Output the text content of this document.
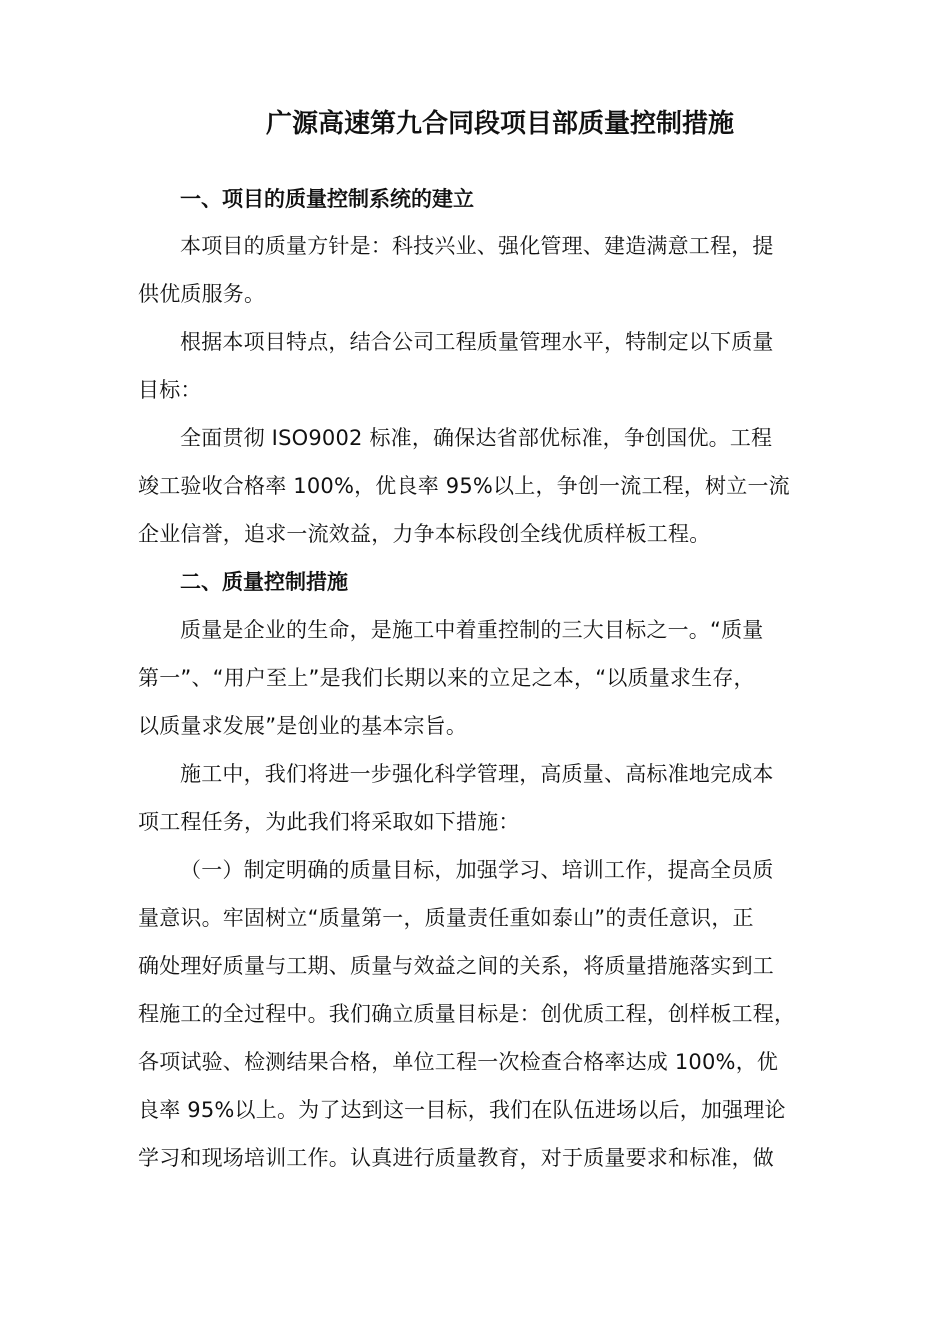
广源高速第九合同段项目部质量控制措施
一、项目的质量控制系统的建立
本项目的质量方针是：科技兴业、强化管理、建造满意工程，提
供优质服务。
根据本项目特点，结合公司工程质量管理水平，特制定以下质量
目标：
全面贯彻 ISO9002 标准，确保达省部优标准，争创国优。工程
竣工验收合格率 100%，优良率 95%以上，争创一流工程，树立一流
企业信誉，追求一流效益，力争本标段创全线优质样板工程。
二、质量控制措施
质量是企业的生命，是施工中着重控制的三大目标之一。“质量
第一”、“用户至上”是我们长期以来的立足之本，“以质量求生存，
以质量求发展”是创业的基本宗旨。
施工中，我们将进一步强化科学管理，高质量、高标准地完成本
项工程任务，为此我们将采取如下措施：
（一）制定明确的质量目标，加强学习、培训工作，提高全员质
量意识。牢固树立“质量第一，质量责任重如泰山”的责任意识，正
确处理好质量与工期、质量与效益之间的关系，将质量措施落实到工
程施工的全过程中。我们确立质量目标是：创优质工程，创样板工程，
各项试验、检测结果合格，单位工程一次检查合格率达成 100%，优
良率 95%以上。为了达到这一目标，我们在队伍进场以后，加强理论
学习和现场培训工作。认真进行质量教育，对于质量要求和标准，做
